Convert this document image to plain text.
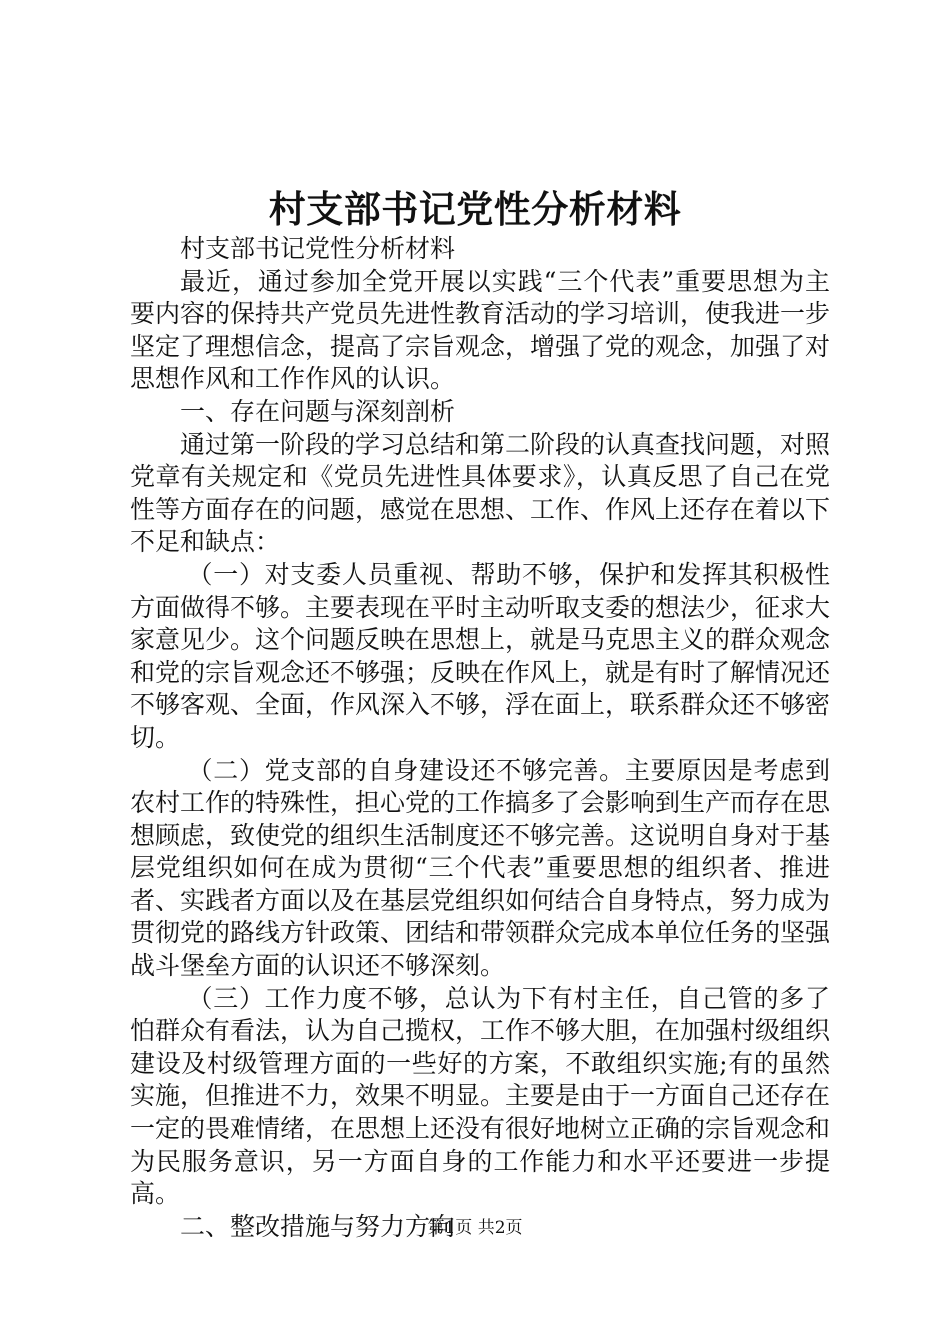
村支部书记党性分析材料

村支部书记党性分析材料

最近，通过参加全党开展以实践“三个代表”重要思想为主要内容的保持共产党员先进性教育活动的学习培训，使我进一步坚定了理想信念，提高了宗旨观念，增强了党的观念，加强了对思想作风和工作作风的认识。

一、存在问题与深刻剖析

通过第一阶段的学习总结和第二阶段的认真查找问题，对照党章有关规定和《党员先进性具体要求》，认真反思了自己在党性等方面存在的问题，感觉在思想、工作、作风上还存在着以下不足和缺点：

（一）对支委人员重视、帮助不够，保护和发挥其积极性方面做得不够。主要表现在平时主动听取支委的想法少，征求大家意见少。这个问题反映在思想上，就是马克思主义的群众观念和党的宗旨观念还不够强；反映在作风上，就是有时了解情况还不够客观、全面，作风深入不够，浮在面上，联系群众还不够密切。

（二）党支部的自身建设还不够完善。主要原因是考虑到农村工作的特殊性，担心党的工作搞多了会影响到生产而存在思想顾虑，致使党的组织生活制度还不够完善。这说明自身对于基层党组织如何在成为贯彻“三个代表”重要思想的组织者、推进者、实践者方面以及在基层党组织如何结合自身特点，努力成为贯彻党的路线方针政策、团结和带领群众完成本单位任务的坚强战斗堡垒方面的认识还不够深刻。

（三）工作力度不够，总认为下有村主任，自己管的多了怕群众有看法，认为自己揽权，工作不够大胆，在加强村级组织建设及村级管理方面的一些好的方案，不敢组织实施;有的虽然实施，但推进不力，效果不明显。主要是由于一方面自己还存在一定的畏难情绪，在思想上还没有很好地树立正确的宗旨观念和为民服务意识，另一方面自身的工作能力和水平还要进一步提高。

二、整改措施与努力方向

第1页 共2页
